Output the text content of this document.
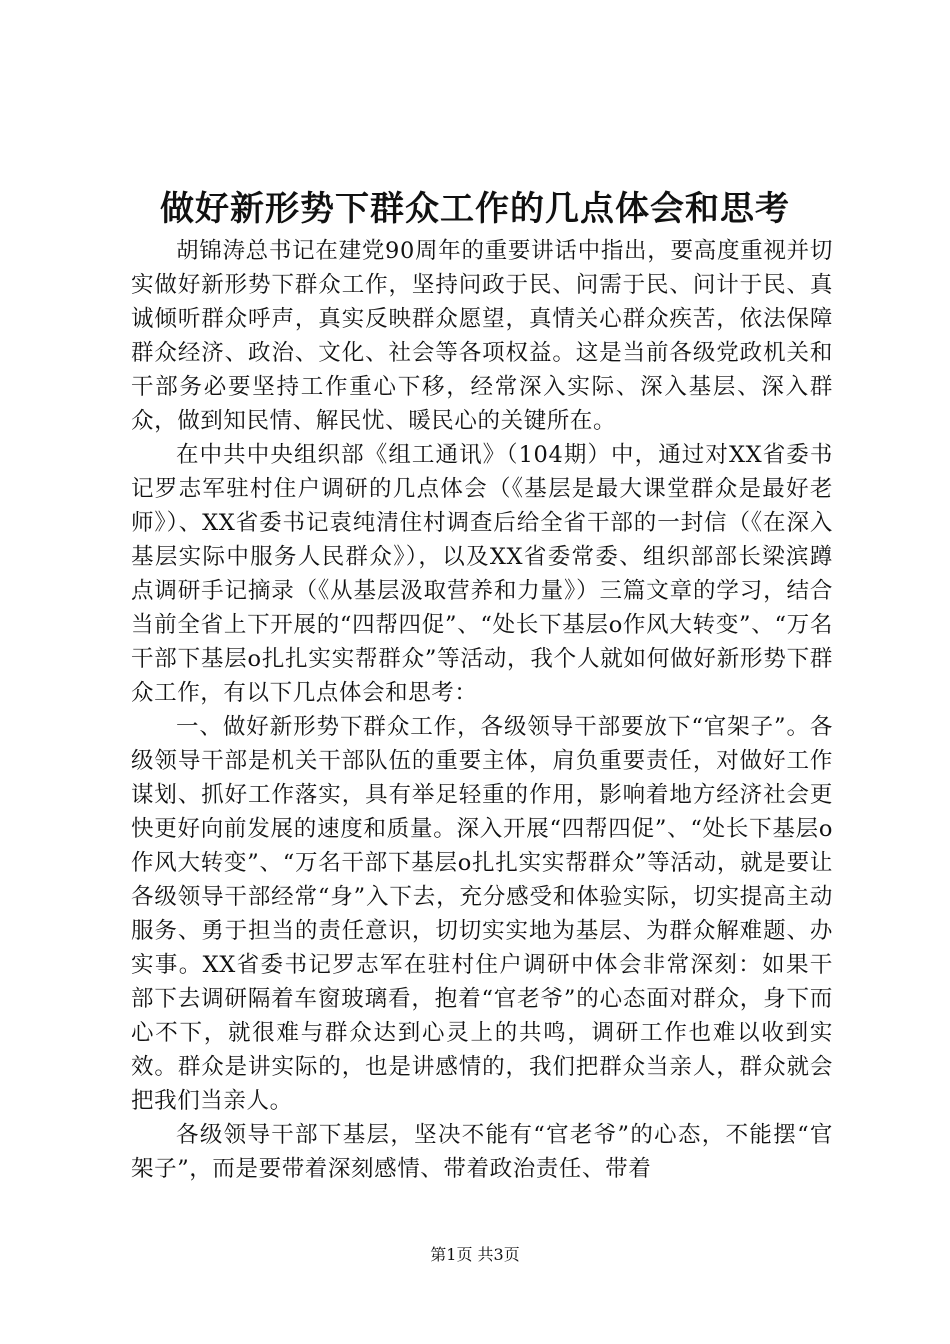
做好新形势下群众工作的几点体会和思考

胡锦涛总书记在建党90周年的重要讲话中指出，要高度重视并切实做好新形势下群众工作，坚持问政于民、问需于民、问计于民、真诚倾听群众呼声，真实反映群众愿望，真情关心群众疾苦，依法保障群众经济、政治、文化、社会等各项权益。这是当前各级党政机关和干部务必要坚持工作重心下移，经常深入实际、深入基层、深入群众，做到知民情、解民忧、暖民心的关键所在。

在中共中央组织部《组工通讯》（104期）中，通过对XX省委书记罗志军驻村住户调研的几点体会（《基层是最大课堂群众是最好老师》）、XX省委书记袁纯清住村调查后给全省干部的一封信（《在深入基层实际中服务人民群众》），以及XX省委常委、组织部部长梁滨蹲点调研手记摘录（《从基层汲取营养和力量》）三篇文章的学习，结合当前全省上下开展的“四帮四促”、“处长下基层o作风大转变”、“万名干部下基层o扎扎实实帮群众”等活动，我个人就如何做好新形势下群众工作，有以下几点体会和思考：

一、做好新形势下群众工作，各级领导干部要放下“官架子”。各级领导干部是机关干部队伍的重要主体，肩负重要责任，对做好工作谋划、抓好工作落实，具有举足轻重的作用，影响着地方经济社会更快更好向前发展的速度和质量。深入开展“四帮四促”、“处长下基层o作风大转变”、“万名干部下基层o扎扎实实帮群众”等活动，就是要让各级领导干部经常“身”入下去，充分感受和体验实际，切实提高主动服务、勇于担当的责任意识，切切实实地为基层、为群众解难题、办实事。XX省委书记罗志军在驻村住户调研中体会非常深刻：如果干部下去调研隔着车窗玻璃看，抱着“官老爷”的心态面对群众，身下而心不下，就很难与群众达到心灵上的共鸣，调研工作也难以收到实效。群众是讲实际的，也是讲感情的，我们把群众当亲人，群众就会把我们当亲人。

各级领导干部下基层，坚决不能有“官老爷”的心态，不能摆“官架子”，而是要带着深刻感情、带着政治责任、带着

第1页 共3页
